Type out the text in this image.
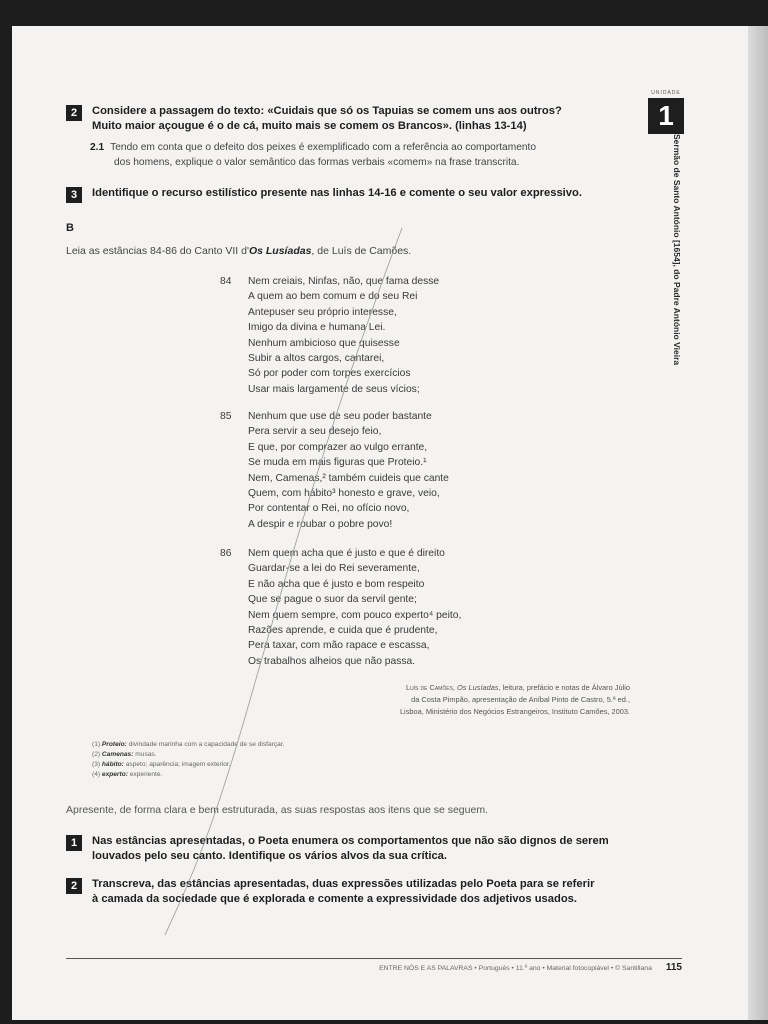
2	Considere a passagem do texto: «Cuidais que só os Tapuias se comem uns aos outros?
Muito maior açougue é o de cá, muito mais se comem os Brancos». (linhas 13-14)
2.1 Tendo em conta que o defeito dos peixes é exemplificado com a referência ao comportamento
dos homens, explique o valor semântico das formas verbais «comem» na frase transcrita.
3	Identifique o recurso estilístico presente nas linhas 14-16 e comente o seu valor expressivo.
UNIDADE
1
Sermão de Santo António [1654], do Padre António Vieira
B
Leia as estâncias 84-86 do Canto VII d'Os Lusíadas, de Luís de Camões.
84	Nem creiais, Ninfas, não, que fama desse
A quem ao bem comum e do seu Rei
Antepuser seu próprio interesse,
Imigo da divina e humana Lei.
Nenhum ambicioso que quisesse
Subir a altos cargos, cantarei,
Só por poder com torpes exercícios
Usar mais largamente de seus vícios;
85	Nenhum que use de seu poder bastante
Pera servir a seu desejo feio,
E que, por comprazer ao vulgo errante,
Se muda em mais figuras que Proteio.¹
Nem, Camenas,² também cuideis que cante
Quem, com hábito³ honesto e grave, veio,
Por contentar o Rei, no ofício novo,
A despir e roubar o pobre povo!
86	Nem quem acha que é justo e que é direito
Guardar-se a lei do Rei severamente,
E não acha que é justo e bom respeito
Que se pague o suor da servil gente;
Nem quem sempre, com pouco experto⁴ peito,
Razões aprende, e cuida que é prudente,
Pera taxar, com mão rapace e escassa,
Os trabalhos alheios que não passa.
Luís de Camões, Os Lusíadas, leitura, prefácio e notas de Álvaro Júlio
da Costa Pimpão, apresentação de Aníbal Pinto de Castro, 5.ª ed.,
Lisboa, Ministério dos Negócios Estrangeiros, Instituto Camões, 2003.
(1) Proteio: divindade marinha com a capacidade de se disfarçar.
(2) Camenas: musas.
(3) hábito: aspeto; aparência; imagem exterior.
(4) experto: experiente.
Apresente, de forma clara e bem estruturada, as suas respostas aos itens que se seguem.
1	Nas estâncias apresentadas, o Poeta enumera os comportamentos que não são dignos de serem
louvados pelo seu canto. Identifique os vários alvos da sua crítica.
2	Transcreva, das estâncias apresentadas, duas expressões utilizadas pelo Poeta para se referir
à camada da sociedade que é explorada e comente a expressividade dos adjetivos usados.
ENTRE NÓS E AS PALAVRAS • Português • 11.º ano • Material fotocopiável • © Santillana 115
